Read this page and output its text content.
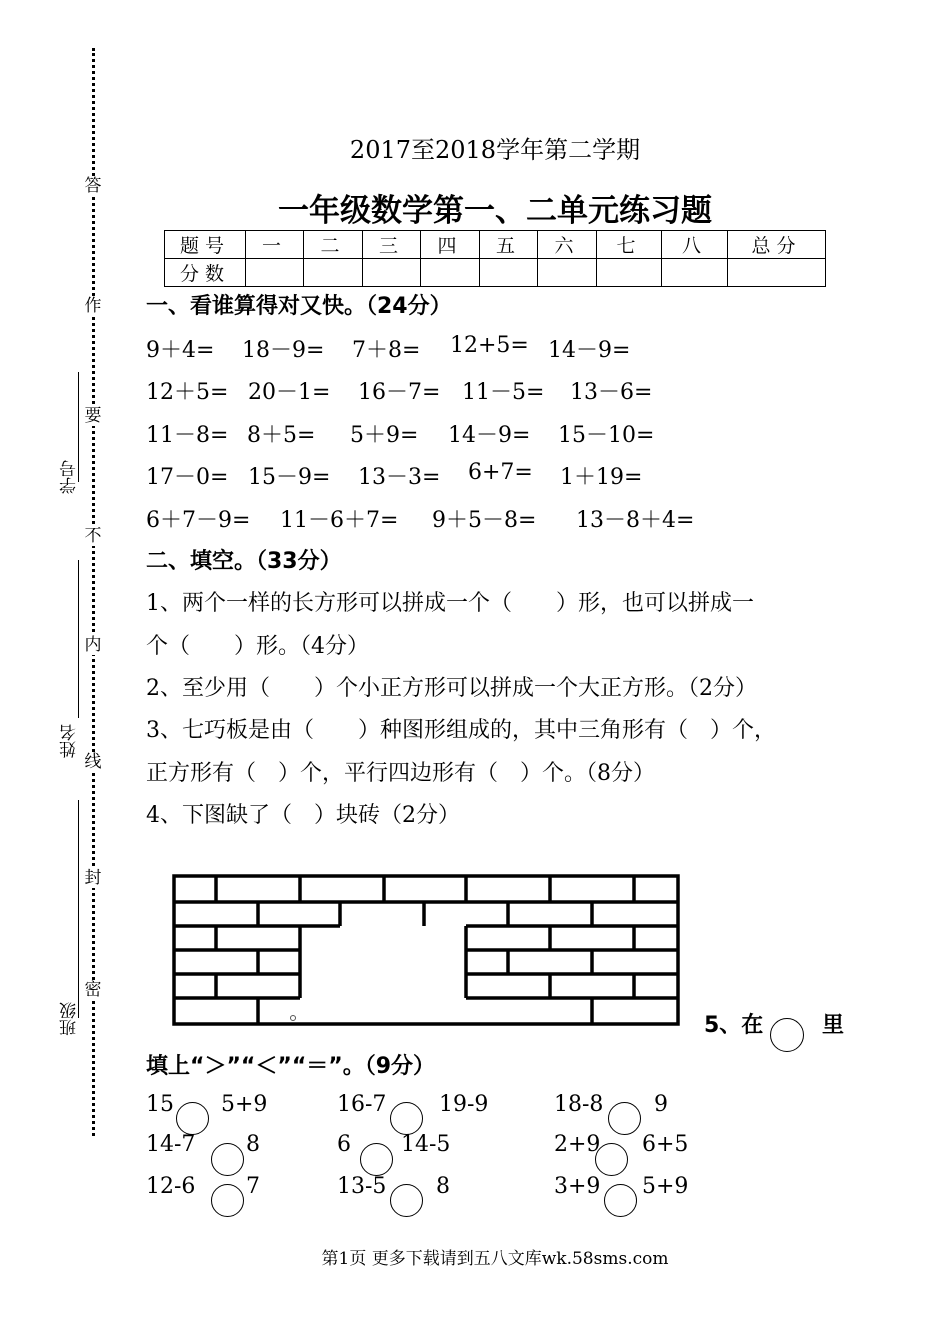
答
作
要
不
内
线
封
密
学号
姓名
班级
2017至2018学年第二学期
一年级数学第一、二单元练习题
题号	一	二	三	四	五	六	七	八	总分
分数									
一、看谁算得对又快。（24分）
9＋4= 18－9= 7＋8= 12+5= 14－9=
12＋5= 20－1= 16－7= 11－5= 13－6=
11－8= 8＋5= 5＋9= 14－9= 15－10=
17－0= 15－9= 13－3= 6+7= 1＋19=
6＋7－9= 11－6＋7= 9＋5－8= 13－8＋4=
二、填空。（33分）
1、两个一样的长方形可以拼成一个（　　）形，也可以拼成一
个（　　）形。（4分）
2、至少用（　　）个小正方形可以拼成一个大正方形。（2分）
3、七巧板是由（　　）种图形组成的，其中三角形有（　）个，
正方形有（　）个，平行四边形有（　）个。（8分）
4、下图缺了（　）块砖（2分）
5、在	里
填上“＞”“＜”“＝”。（9分）
15 5+9
14-7 8
12-6 7
16-7 19-9
6 14-5
13-5 8
18-8 9
2+9 6+5
3+9 5+9
第1页 更多下载请到五八文库wk.58sms.com
